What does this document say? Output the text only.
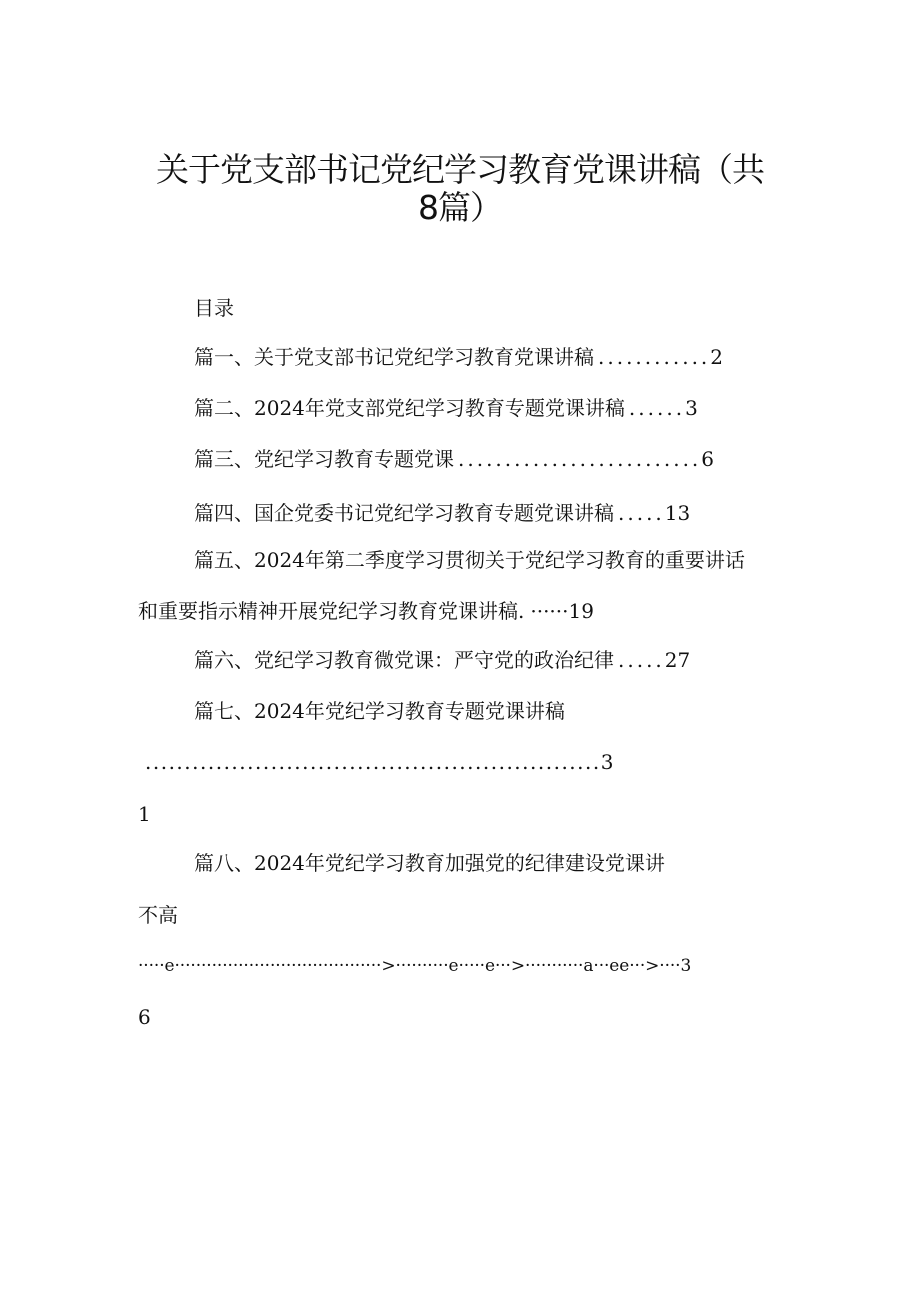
关于党支部书记党纪学习教育党课讲稿（共
8篇）
目录
篇一、关于党支部书记党纪学习教育党课讲稿 ............ 2
篇二、2024年党支部党纪学习教育专题党课讲稿 ...... 3
篇三、党纪学习教育专题党课 .......................... 6
篇四、国企党委书记党纪学习教育专题党课讲稿 ..... 13
篇五、2024年第二季度学习贯彻关于党纪学习教育的重要讲话
和重要指示精神开展党纪学习教育党课讲稿. ······ 19
篇六、党纪学习教育微党课：严守党的政治纪律 ..... 27
篇七、2024年党纪学习教育专题党课讲稿
..........................................................3
1
篇八、2024年党纪学习教育加强党的纪律建设党课讲
不高
·····e·······································>··········e·····e···>···········a···ee···>····3
6
